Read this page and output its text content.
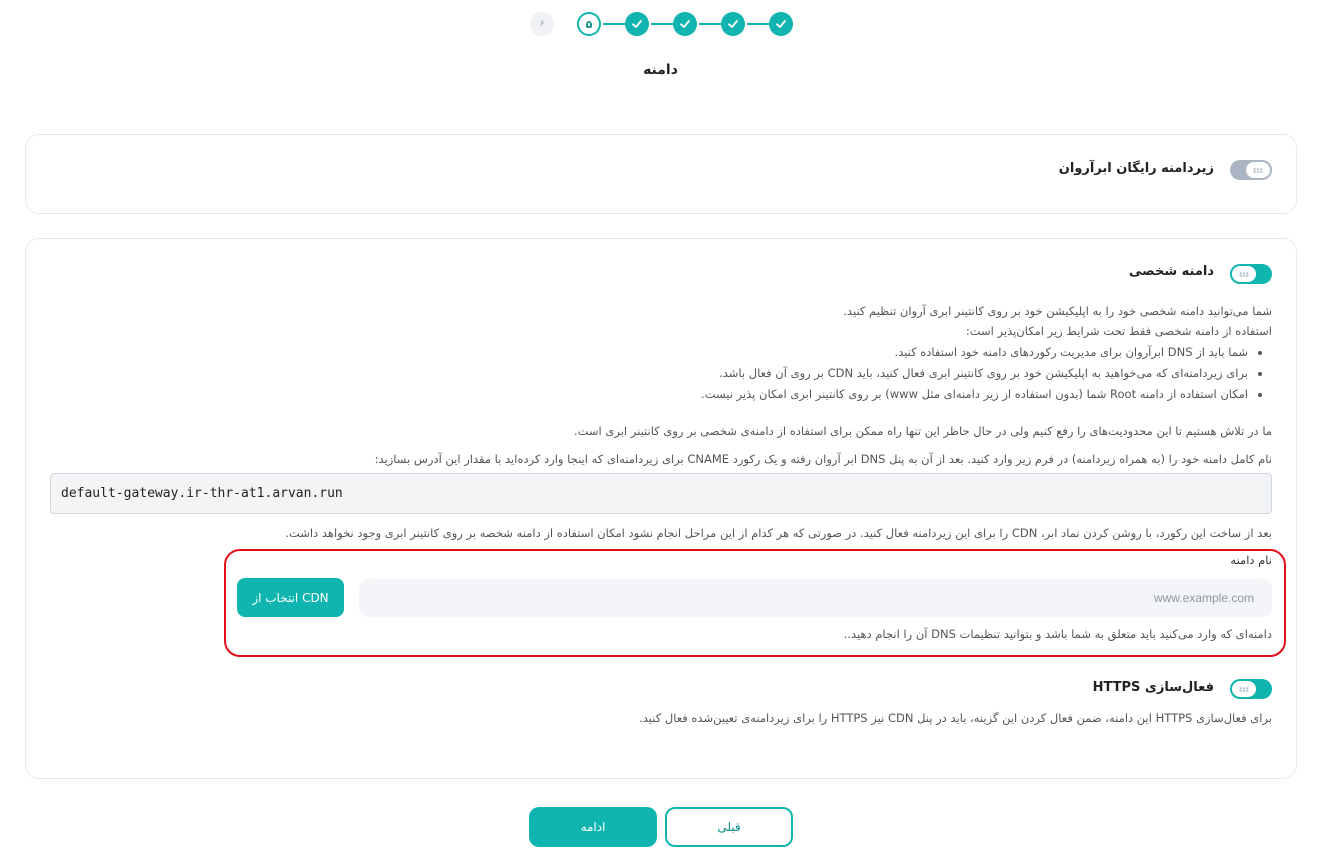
۶	۵
دامنه
زیردامنه رایگان ابرآروان
دامنه شخصی
شما می‌توانید دامنه شخصی خود را به اپلیکیشن خود بر روی کانتینر ابری آروان تنظیم کنید.
استفاده از دامنه شخصی فقط تحت شرایط زیر امکان‌پذیر است:
• شما باید از DNS ابرآروان برای مدیریت رکوردهای دامنه خود استفاده کنید.
• برای زیردامنه‌ای که می‌خواهید به اپلیکیشن خود بر روی کانتینر ابری فعال کنید، باید CDN بر روی آن فعال باشد.
• امکان استفاده از دامنه Root شما (بدون استفاده از زیر دامنه‌ای مثل www) بر روی کانتینر ابری امکان پذیر نیست.
ما در تلاش هستیم تا این محدودیت‌های را رفع کنیم ولی در حال حاظر این تنها راه ممکن برای استفاده از دامنه‌ی شخصی بر روی کانتینر ابری است.
نام کامل دامنه خود را (به همراه زیردامنه) در فرم زیر وارد کنید. بعد از آن به پنل DNS ابر آروان رفته و یک رکورد CNAME برای زیردامنه‌ای که اینجا وارد کرده‌اید با مقدار این آدرس بسازید:
default-gateway.ir-thr-at1.arvan.run
بعد از ساخت این رکورد، با روشن کردن نماد ابر، CDN را برای این زیردامنه فعال کنید. در صورتی که هر کدام از این مراحل انجام نشود امکان استفاده از دامنه شخصه بر روی کانتینر ابری وجود نخواهد داشت.
نام دامنه
www.example.com
انتخاب از CDN
دامنه‌ای که وارد می‌کنید باید متعلق به شما باشد و بتوانید تنظیمات DNS آن را انجام دهید..
فعال‌سازی HTTPS
برای فعال‌سازی HTTPS این دامنه، ضمن فعال کردن این گزینه، باید در پنل CDN نیز HTTPS را برای زیردامنه‌ی تعیین‌شده فعال کنید.
ادامه	قبلی
